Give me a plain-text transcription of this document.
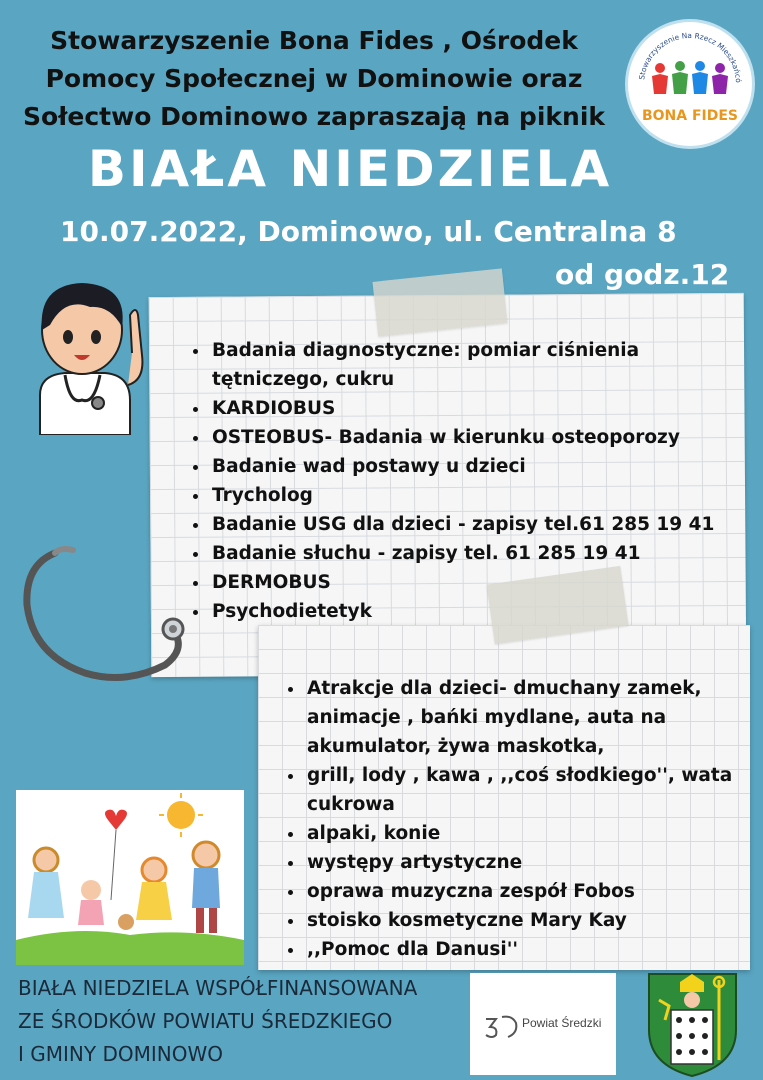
Stowarzyszenie Bona Fides , Ośrodek
Pomocy Społecznej w Dominowie oraz
Sołectwo Dominowo zapraszają na piknik
Stowarzyszenie Na Rzecz Mieszkańcó
BONA FIDES
BIAŁA NIEDZIELA
10.07.2022, Dominowo, ul. Centralna 8
od godz.12
• Badania diagnostyczne: pomiar ciśnienia tętniczego, cukru
• KARDIOBUS
• OSTEOBUS- Badania w kierunku osteoporozy
• Badanie wad postawy u dzieci
• Trycholog
• Badanie USG dla dzieci - zapisy tel.61 285 19 41
• Badanie słuchu - zapisy tel. 61 285 19 41
• DERMOBUS
• Psychodietetyk
• Atrakcje dla dzieci- dmuchany zamek, animacje , bańki mydlane, auta na akumulator, żywa maskotka,
• grill, lody , kawa , ,,coś słodkiego'', wata cukrowa
• alpaki, konie
• występy artystyczne
• oprawa muzyczna zespół Fobos
• stoisko kosmetyczne Mary Kay
• ,,Pomoc dla Danusi''
BIAŁA NIEDZIELA WSPÓŁFINANSOWANA
ZE ŚRODKÓW POWIATU ŚREDZKIEGO
I GMINY DOMINOWO
Powiat Średzki
